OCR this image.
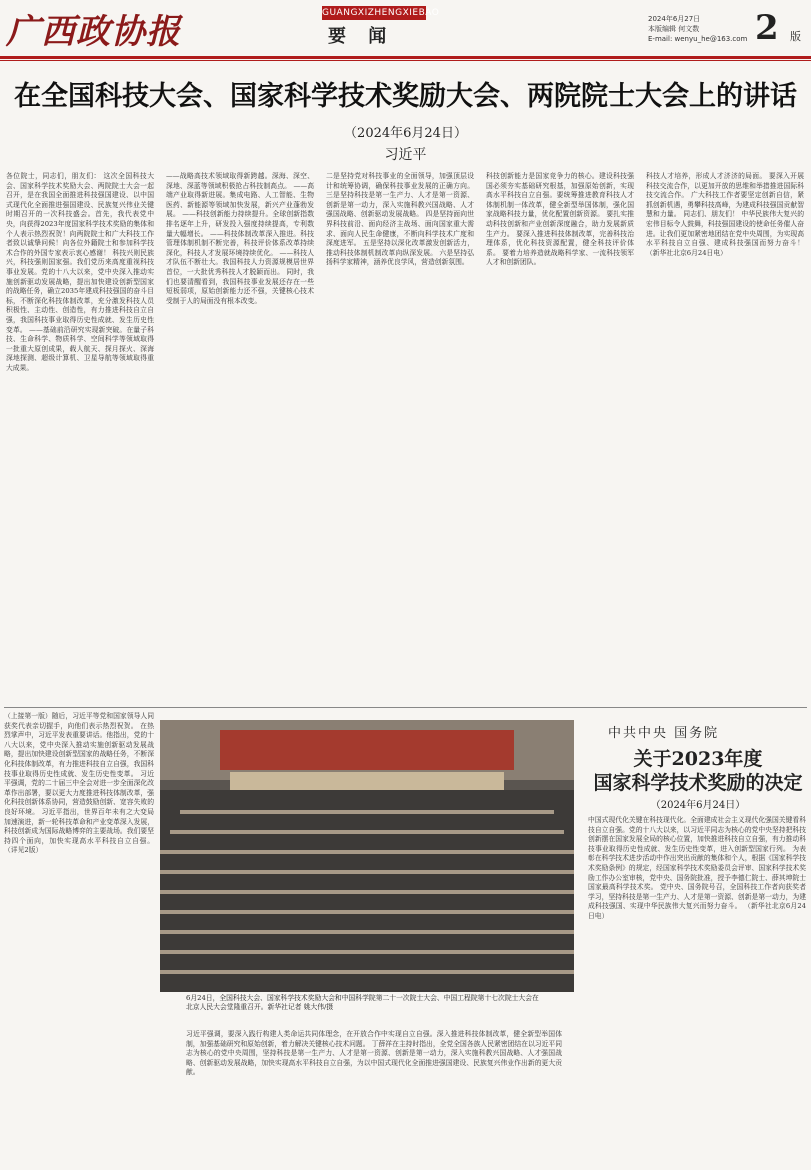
广西政协报	GUANGXIZHENGXIEBAO
要 闻
2024年6月27日
本版编辑 何文数
E-mail: wenyu_he@163.com 2 版
在全国科技大会、国家科学技术奖励大会、两院院士大会上的讲话
（2024年6月24日）
习近平
各位院士，同志们，朋友们： 这次全国科技大会、国家科学技术奖励大会、两院院士大会一起召开，是在我国全面推进科技强国建设、以中国式现代化全面推进强国建设、民族复兴伟业关键时期召开的一次科技盛会。首先，我代表党中央，向获得2023年度国家科学技术奖励的集体和个人表示热烈祝贺！向两院院士和广大科技工作者致以诚挚问候！向各位外籍院士和参加科学技术合作的外国专家表示衷心感谢！ 科技兴则民族兴，科技强则国家强。我们党历来高度重视科技事业发展。党的十八大以来，党中央深入推动实施创新驱动发展战略，提出加快建设创新型国家的战略任务，确立2035年建成科技强国的奋斗目标，不断深化科技体制改革，充分激发科技人员积极性、主动性、创造性，有力推进科技自立自强，我国科技事业取得历史性成就、发生历史性变革。 ——基础前沿研究实现新突破。在量子科技、生命科学、物质科学、空间科学等领域取得一批重大原创成果，载人航天、探月探火、深海深地探测、超级计算机、卫星导航等领域取得重大成果。
——战略高技术领域取得新跨越。深海、深空、深地、深蓝等领域积极抢占科技制高点。 ——高端产业取得新进展。集成电路、人工智能、生物医药、新能源等领域加快发展，新兴产业蓬勃发展。 ——科技创新能力持续提升。全球创新指数排名逐年上升，研发投入强度持续提高，专利数量大幅增长。 ——科技体制改革深入推进。科技管理体制机制不断完善，科技评价体系改革持续深化，科技人才发展环境持续优化。 ——科技人才队伍不断壮大。我国科技人力资源规模居世界首位，一大批优秀科技人才脱颖而出。 同时，我们也要清醒看到，我国科技事业发展还存在一些短板弱项，原始创新能力还不强，关键核心技术受制于人的局面没有根本改变。
二是坚持党对科技事业的全面领导，加强顶层设计和统筹协调，确保科技事业发展的正确方向。 三是坚持科技是第一生产力、人才是第一资源、创新是第一动力，深入实施科教兴国战略、人才强国战略、创新驱动发展战略。 四是坚持面向世界科技前沿、面向经济主战场、面向国家重大需求、面向人民生命健康，不断向科学技术广度和深度进军。 五是坚持以深化改革激发创新活力，推动科技体制机制改革向纵深发展。 六是坚持弘扬科学家精神，涵养优良学风，营造创新氛围。
科技创新能力是国家竞争力的核心。建设科技强国必须夯实基础研究根基，加强原始创新，实现高水平科技自立自强。要统筹推进教育科技人才体制机制一体改革，健全新型举国体制，强化国家战略科技力量，优化配置创新资源。 要扎实推动科技创新和产业创新深度融合，助力发展新质生产力。 要深入推进科技体制改革，完善科技治理体系，优化科技资源配置，健全科技评价体系。 要着力培养造就战略科学家、一流科技领军人才和创新团队。
科技人才培养，形成人才济济的局面。 要深入开展科技交流合作，以更加开放的思维和举措推进国际科技交流合作。 广大科技工作者要坚定创新自信，紧抓创新机遇，勇攀科技高峰，为建成科技强国贡献智慧和力量。 同志们、朋友们！ 中华民族伟大复兴的宏伟目标令人鼓舞，科技强国建设的使命任务催人奋进。让我们更加紧密地团结在党中央周围，为实现高水平科技自立自强、建成科技强国而努力奋斗！ （新华社北京6月24日电）
（上接第一版）随后，习近平等党和国家领导人同获奖代表亲切握手，向他们表示热烈祝贺。 在热烈掌声中，习近平发表重要讲话。他指出，党的十八大以来，党中央深入推动实施创新驱动发展战略，提出加快建设创新型国家的战略任务，不断深化科技体制改革，有力推进科技自立自强，我国科技事业取得历史性成就、发生历史性变革。 习近平强调，党的二十届三中全会对进一步全面深化改革作出部署，要以更大力度推进科技体制改革，强化科技创新体系协同，营造鼓励创新、宽容失败的良好环境。 习近平指出，世界百年未有之大变局加速演进，新一轮科技革命和产业变革深入发展，科技创新成为国际战略博弈的主要战场。我们要坚持四个面向，加快实现高水平科技自立自强。 （详见2版）
6月24日，全国科技大会、国家科学技术奖励大会和中国科学院第二十一次院士大会、中国工程院第十七次院士大会在北京人民大会堂隆重召开。新华社记者 姚大伟/摄
习近平强调，要深入践行构建人类命运共同体理念，在开放合作中实现自立自强。深入推进科技体制改革，健全新型举国体制，加强基础研究和原始创新，着力解决关键核心技术问题。 丁薛祥在主持时指出，全党全国各族人民紧密团结在以习近平同志为核心的党中央周围，坚持科技是第一生产力、人才是第一资源、创新是第一动力，深入实施科教兴国战略、人才强国战略、创新驱动发展战略，加快实现高水平科技自立自强，为以中国式现代化全面推进强国建设、民族复兴伟业作出新的更大贡献。
中共中央 国务院
关于2023年度
国家科学技术奖励的决定
（2024年6月24日）
中国式现代化关键在科技现代化。全面建成社会主义现代化强国关键看科技自立自强。党的十八大以来，以习近平同志为核心的党中央坚持把科技创新摆在国家发展全局的核心位置，加快推进科技自立自强，有力推动科技事业取得历史性成就、发生历史性变革，进入创新型国家行列。 为表彰在科学技术进步活动中作出突出贡献的集体和个人，根据《国家科学技术奖励条例》的规定，经国家科学技术奖励委员会评审、国家科学技术奖励工作办公室审核，党中央、国务院批准，授予李德仁院士、薛其坤院士国家最高科学技术奖。 党中央、国务院号召，全国科技工作者向获奖者学习，坚持科技是第一生产力、人才是第一资源、创新是第一动力，为建成科技强国、实现中华民族伟大复兴而努力奋斗。 （新华社北京6月24日电）
